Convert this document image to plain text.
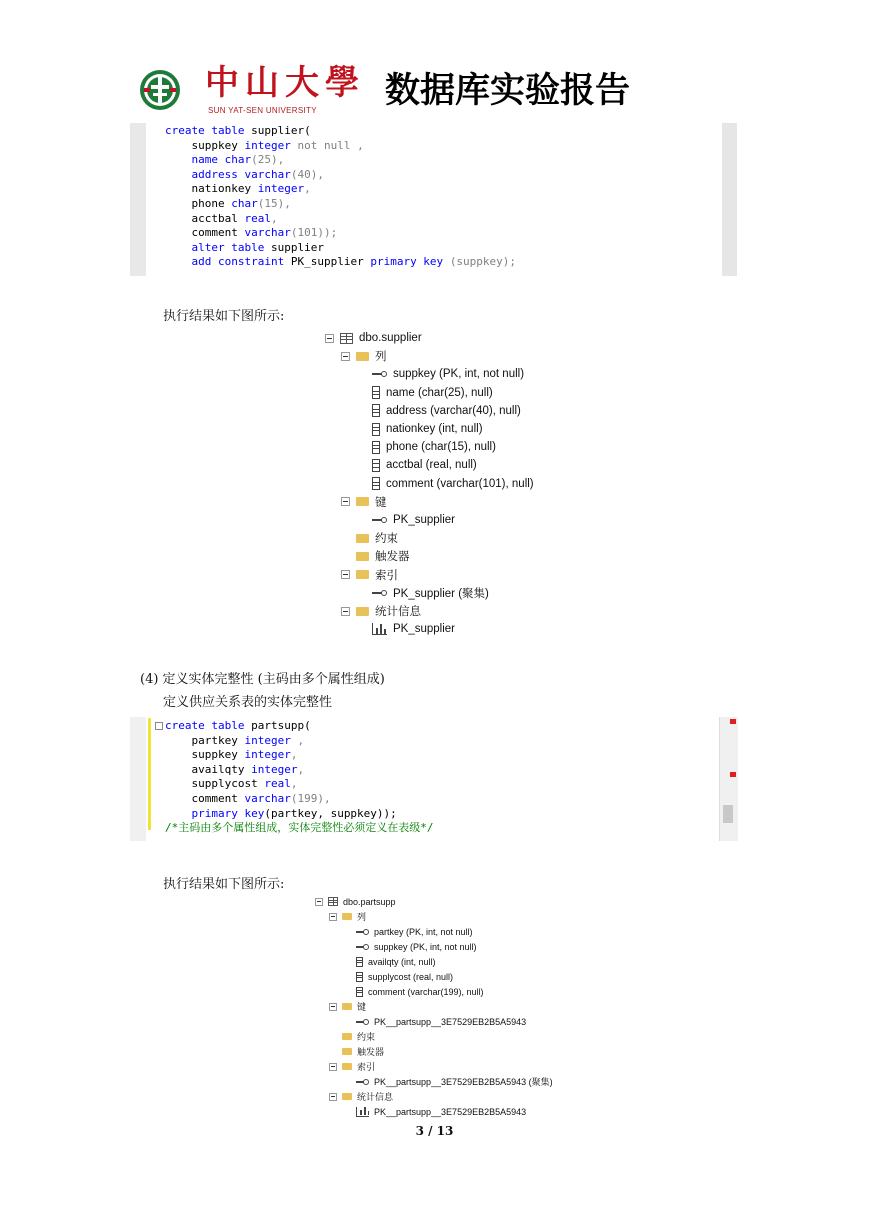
中山大學
SUN YAT-SEN UNIVERSITY 数据库实验报告
create table supplier(
suppkey integer not null ,
name char(25),
address varchar(40),
nationkey integer,
phone char(15),
acctbal real,
comment varchar(101));
alter table supplier
add constraint PK_supplier primary key (suppkey);
执行结果如下图所示:
dbo.supplier
列
suppkey (PK, int, not null)
name (char(25), null)
address (varchar(40), null)
nationkey (int, null)
phone (char(15), null)
acctbal (real, null)
comment (varchar(101), null)
键
PK_supplier
约束
触发器
索引
PK_supplier (聚集)
统计信息
PK_supplier
(4) 定义实体完整性 (主码由多个属性组成)
定义供应关系表的实体完整性
create table partsupp(
partkey integer ,
suppkey integer,
availqty integer,
supplycost real,
comment varchar(199),
primary key(partkey, suppkey));
/*主码由多个属性组成，实体完整性必须定义在表级*/
执行结果如下图所示:
dbo.partsupp
列
partkey (PK, int, not null)
suppkey (PK, int, not null)
availqty (int, null)
supplycost (real, null)
comment (varchar(199), null)
键
PK__partsupp__3E7529EB2B5A5943
约束
触发器
索引
PK__partsupp__3E7529EB2B5A5943 (聚集)
统计信息
PK__partsupp__3E7529EB2B5A5943
3 / 13
